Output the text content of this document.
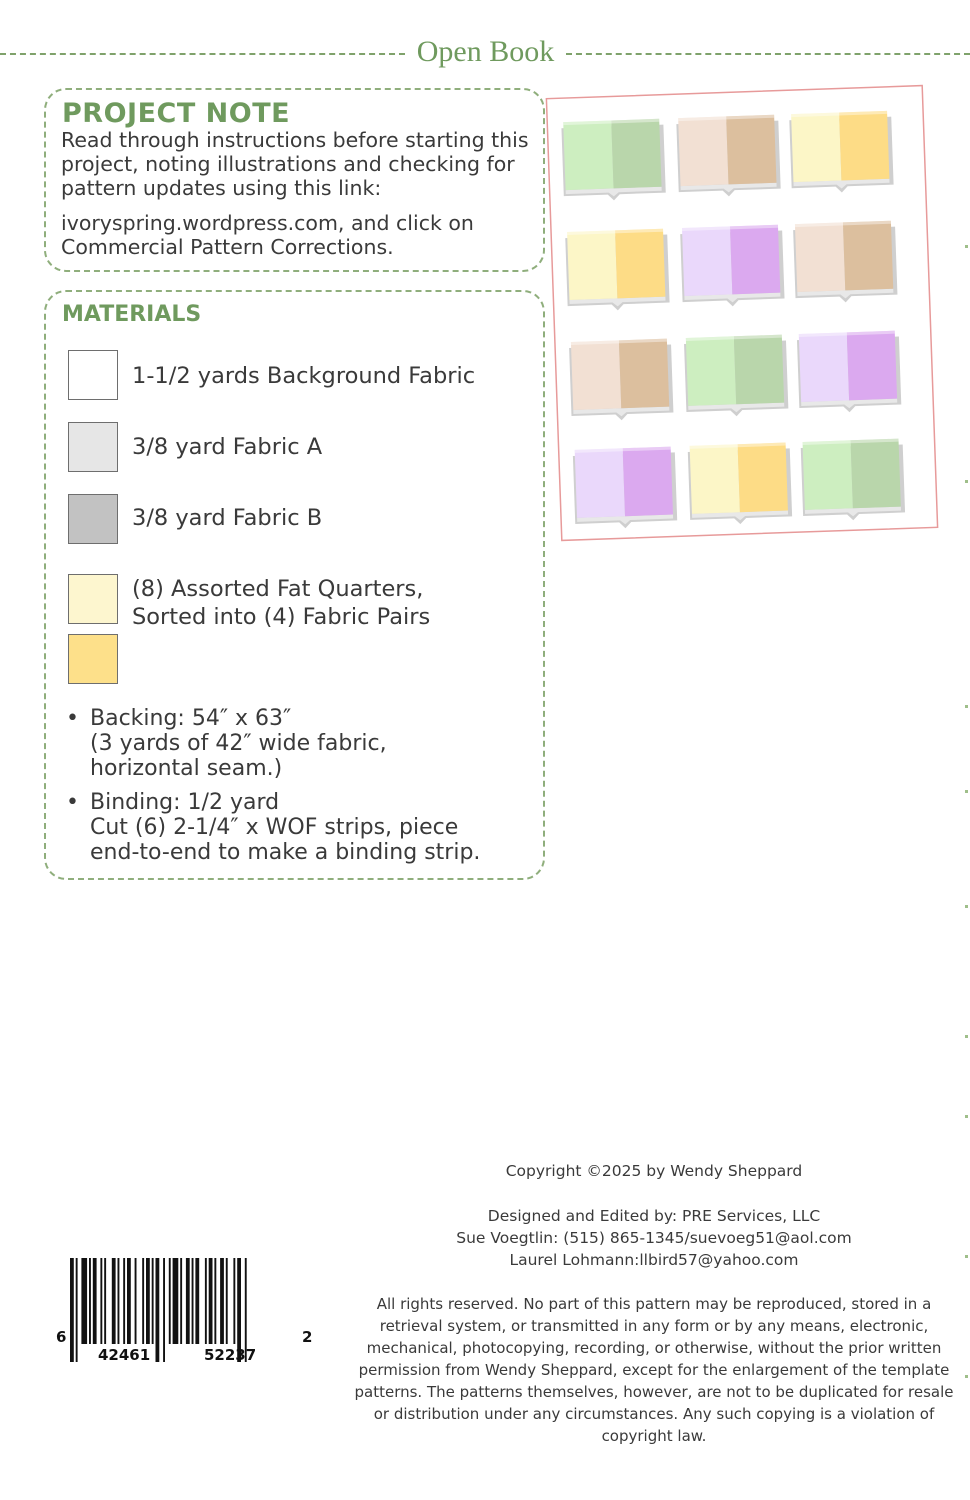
Open Book
PROJECT NOTE
Read through instructions before starting this project, noting illustrations and checking for pattern updates using this link:
ivoryspring.wordpress.com, and click on Commercial Pattern Corrections.
MATERIALS
1-1/2 yards Background Fabric
3/8 yard Fabric A
3/8 yard Fabric B
(8) Assorted Fat Quarters,
Sorted into (4) Fabric Pairs
• Backing: 54″ x 63″
(3 yards of 42″ wide fabric,
horizontal seam.)
• Binding: 1/2 yard
Cut (6) 2-1/4″ x WOF strips, piece
end-to-end to make a binding strip.
6
42461	52237
2
Copyright ©2025 by Wendy Sheppard
Designed and Edited by: PRE Services, LLC
Sue Voegtlin: (515) 865-1345/suevoeg51@aol.com
Laurel Lohmann:llbird57@yahoo.com
All rights reserved. No part of this pattern may be reproduced, stored in a retrieval system, or transmitted in any form or by any means, electronic, mechanical, photocopying, recording, or otherwise, without the prior written permission from Wendy Sheppard, except for the enlargement of the template patterns. The patterns themselves, however, are not to be duplicated for resale or distribution under any circumstances. Any such copying is a violation of copyright law.
